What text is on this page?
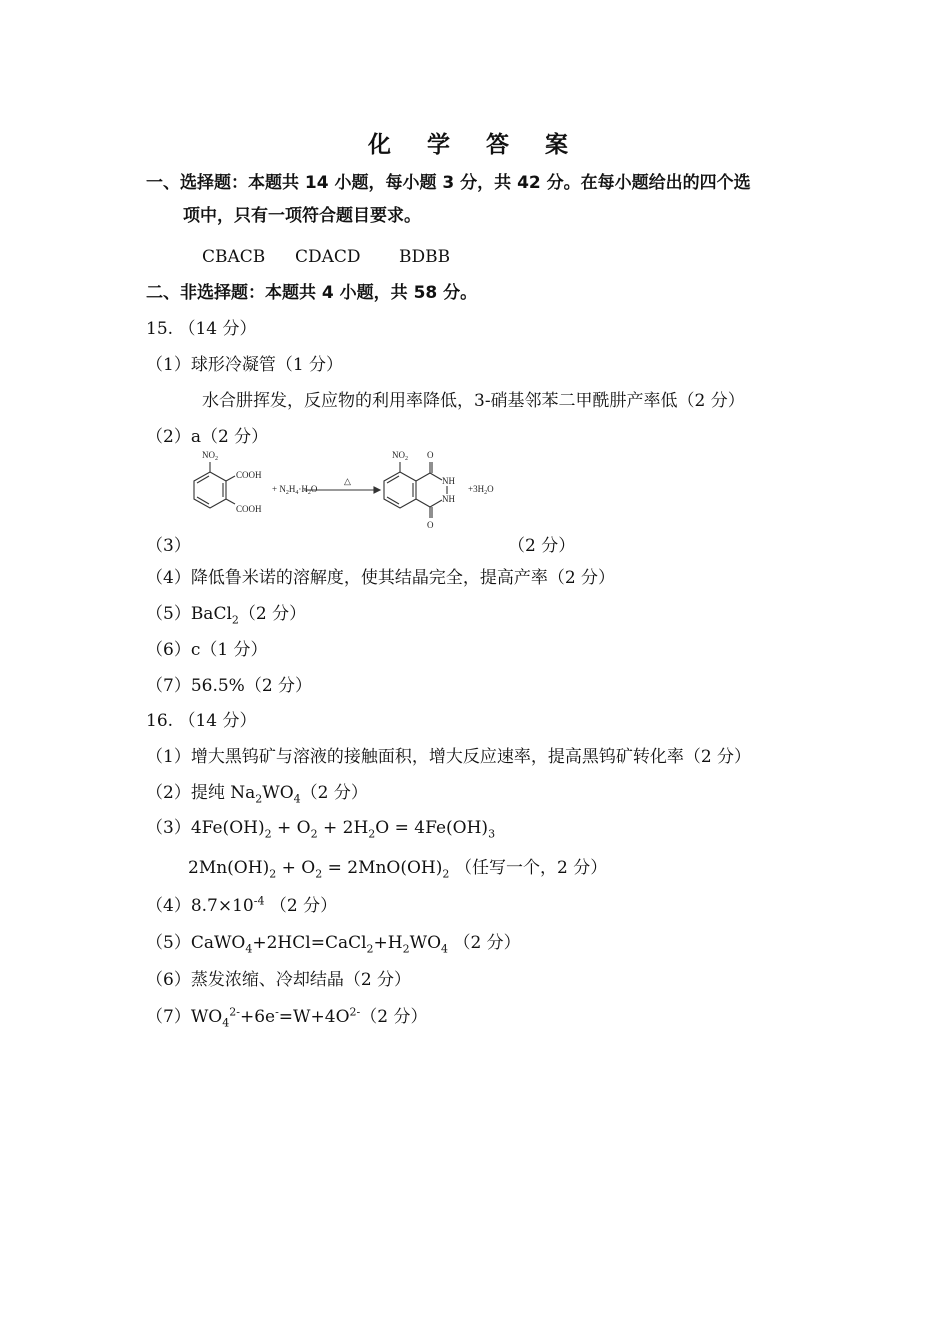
化 学 答 案
一、选择题：本题共 14 小题，每小题 3 分，共 42 分。在每小题给出的四个选
项中，只有一项符合题目要求。
CBACB CDACD BDBB
二、非选择题：本题共 4 小题，共 58 分。
15. （14 分）
（1）球形冷凝管（1 分）
水合肼挥发，反应物的利用率降低，3-硝基邻苯二甲酰肼产率低（2 分）
（2）a（2 分）
$NO_2$
COOH
COOH
+ $N_2H_4\cdot H_2O$
△
$NO_2$ O
O
NH
NH
$+3H_2O$
（3）	（2 分）
（4）降低鲁米诺的溶解度，使其结晶完全，提高产率（2 分）
（5）BaCl$_2$（2 分）
（6）c（1 分）
（7）56.5%（2 分）
16. （14 分）
（1）增大黑钨矿与溶液的接触面积，增大反应速率，提高黑钨矿转化率（2 分）
（2）提纯 $Na_2WO_4(2$ 分）
$(3)4Fe(OH)_2 + O_2 + 2H_2O = 4Fe(OH)_3$
$2Mn(OH)_2 + O_2 = 2MnO(OH)_2$ （任写一个，2 分）
$(4)8.7\times 10^{-4}$ （2 分）
$(5)CaWO_4+2HCl=CaCl_2+H_2WO_4$ （2 分）
（6）蒸发浓缩、冷却结晶（2 分）
$(7)WO_4^{2-}+6e^-=W+4O^{2-}(2$ 分）
